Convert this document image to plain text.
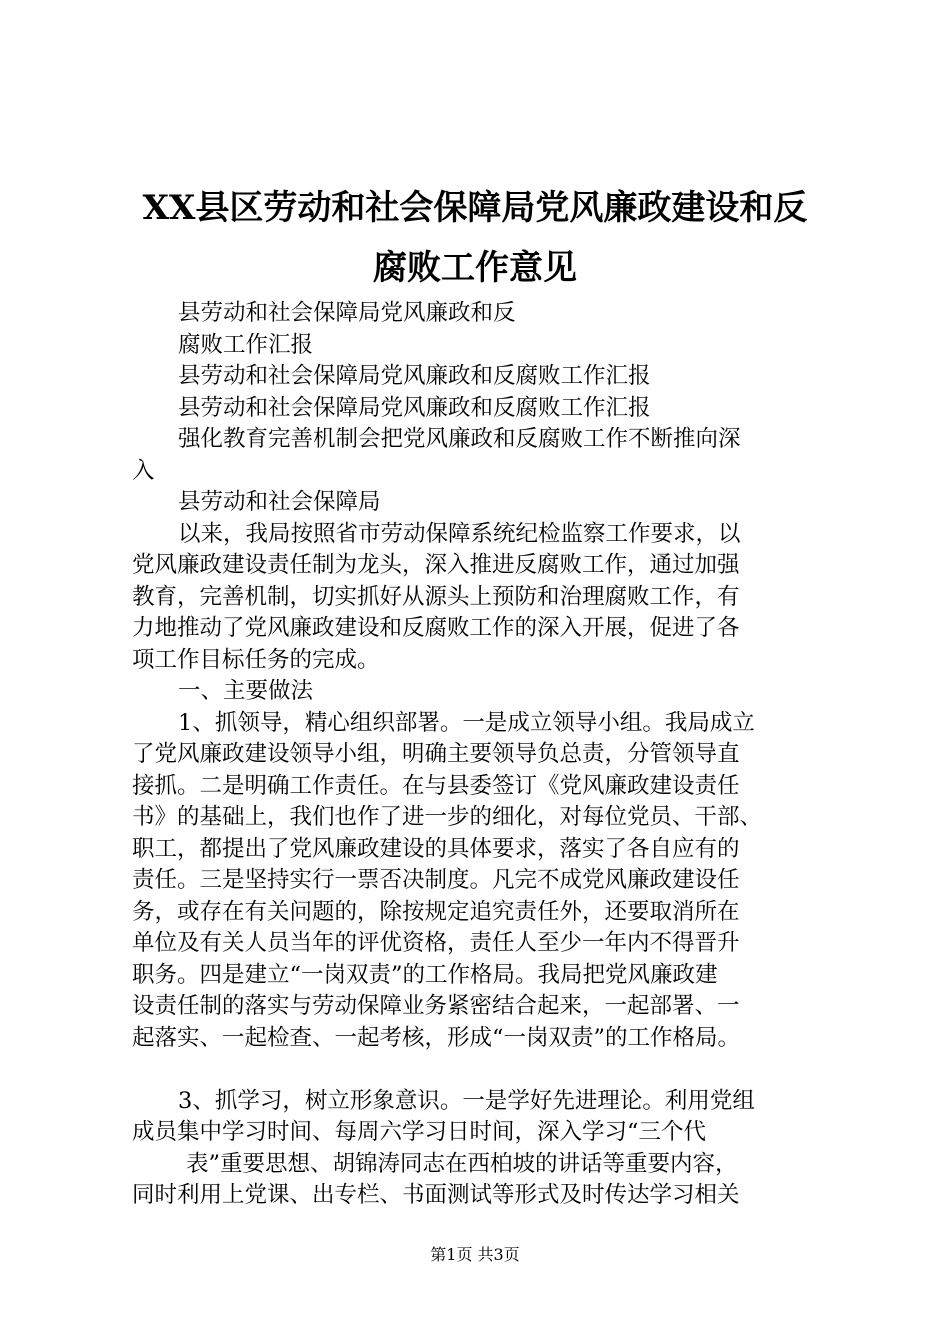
XX县区劳动和社会保障局党风廉政建设和反
腐败工作意见
县劳动和社会保障局党风廉政和反
腐败工作汇报
县劳动和社会保障局党风廉政和反腐败工作汇报
县劳动和社会保障局党风廉政和反腐败工作汇报
强化教育完善机制会把党风廉政和反腐败工作不断推向深
入
县劳动和社会保障局
以来，我局按照省市劳动保障系统纪检监察工作要求，以
党风廉政建设责任制为龙头，深入推进反腐败工作，通过加强
教育，完善机制，切实抓好从源头上预防和治理腐败工作，有
力地推动了党风廉政建设和反腐败工作的深入开展，促进了各
项工作目标任务的完成。
一、主要做法
1、抓领导，精心组织部署。一是成立领导小组。我局成立
了党风廉政建设领导小组，明确主要领导负总责，分管领导直
接抓。二是明确工作责任。在与县委签订《党风廉政建设责任
书》的基础上，我们也作了进一步的细化，对每位党员、干部、
职工，都提出了党风廉政建设的具体要求，落实了各自应有的
责任。三是坚持实行一票否决制度。凡完不成党风廉政建设任
务，或存在有关问题的，除按规定追究责任外，还要取消所在
单位及有关人员当年的评优资格，责任人至少一年内不得晋升
职务。四是建立“一岗双责”的工作格局。我局把党风廉政建
设责任制的落实与劳动保障业务紧密结合起来，一起部署、一
起落实、一起检查、一起考核，形成“一岗双责”的工作格局。
3、抓学习，树立形象意识。一是学好先进理论。利用党组
成员集中学习时间、每周六学习日时间，深入学习“三个代
表”重要思想、胡锦涛同志在西柏坡的讲话等重要内容，
同时利用上党课、出专栏、书面测试等形式及时传达学习相关
第1页 共3页
